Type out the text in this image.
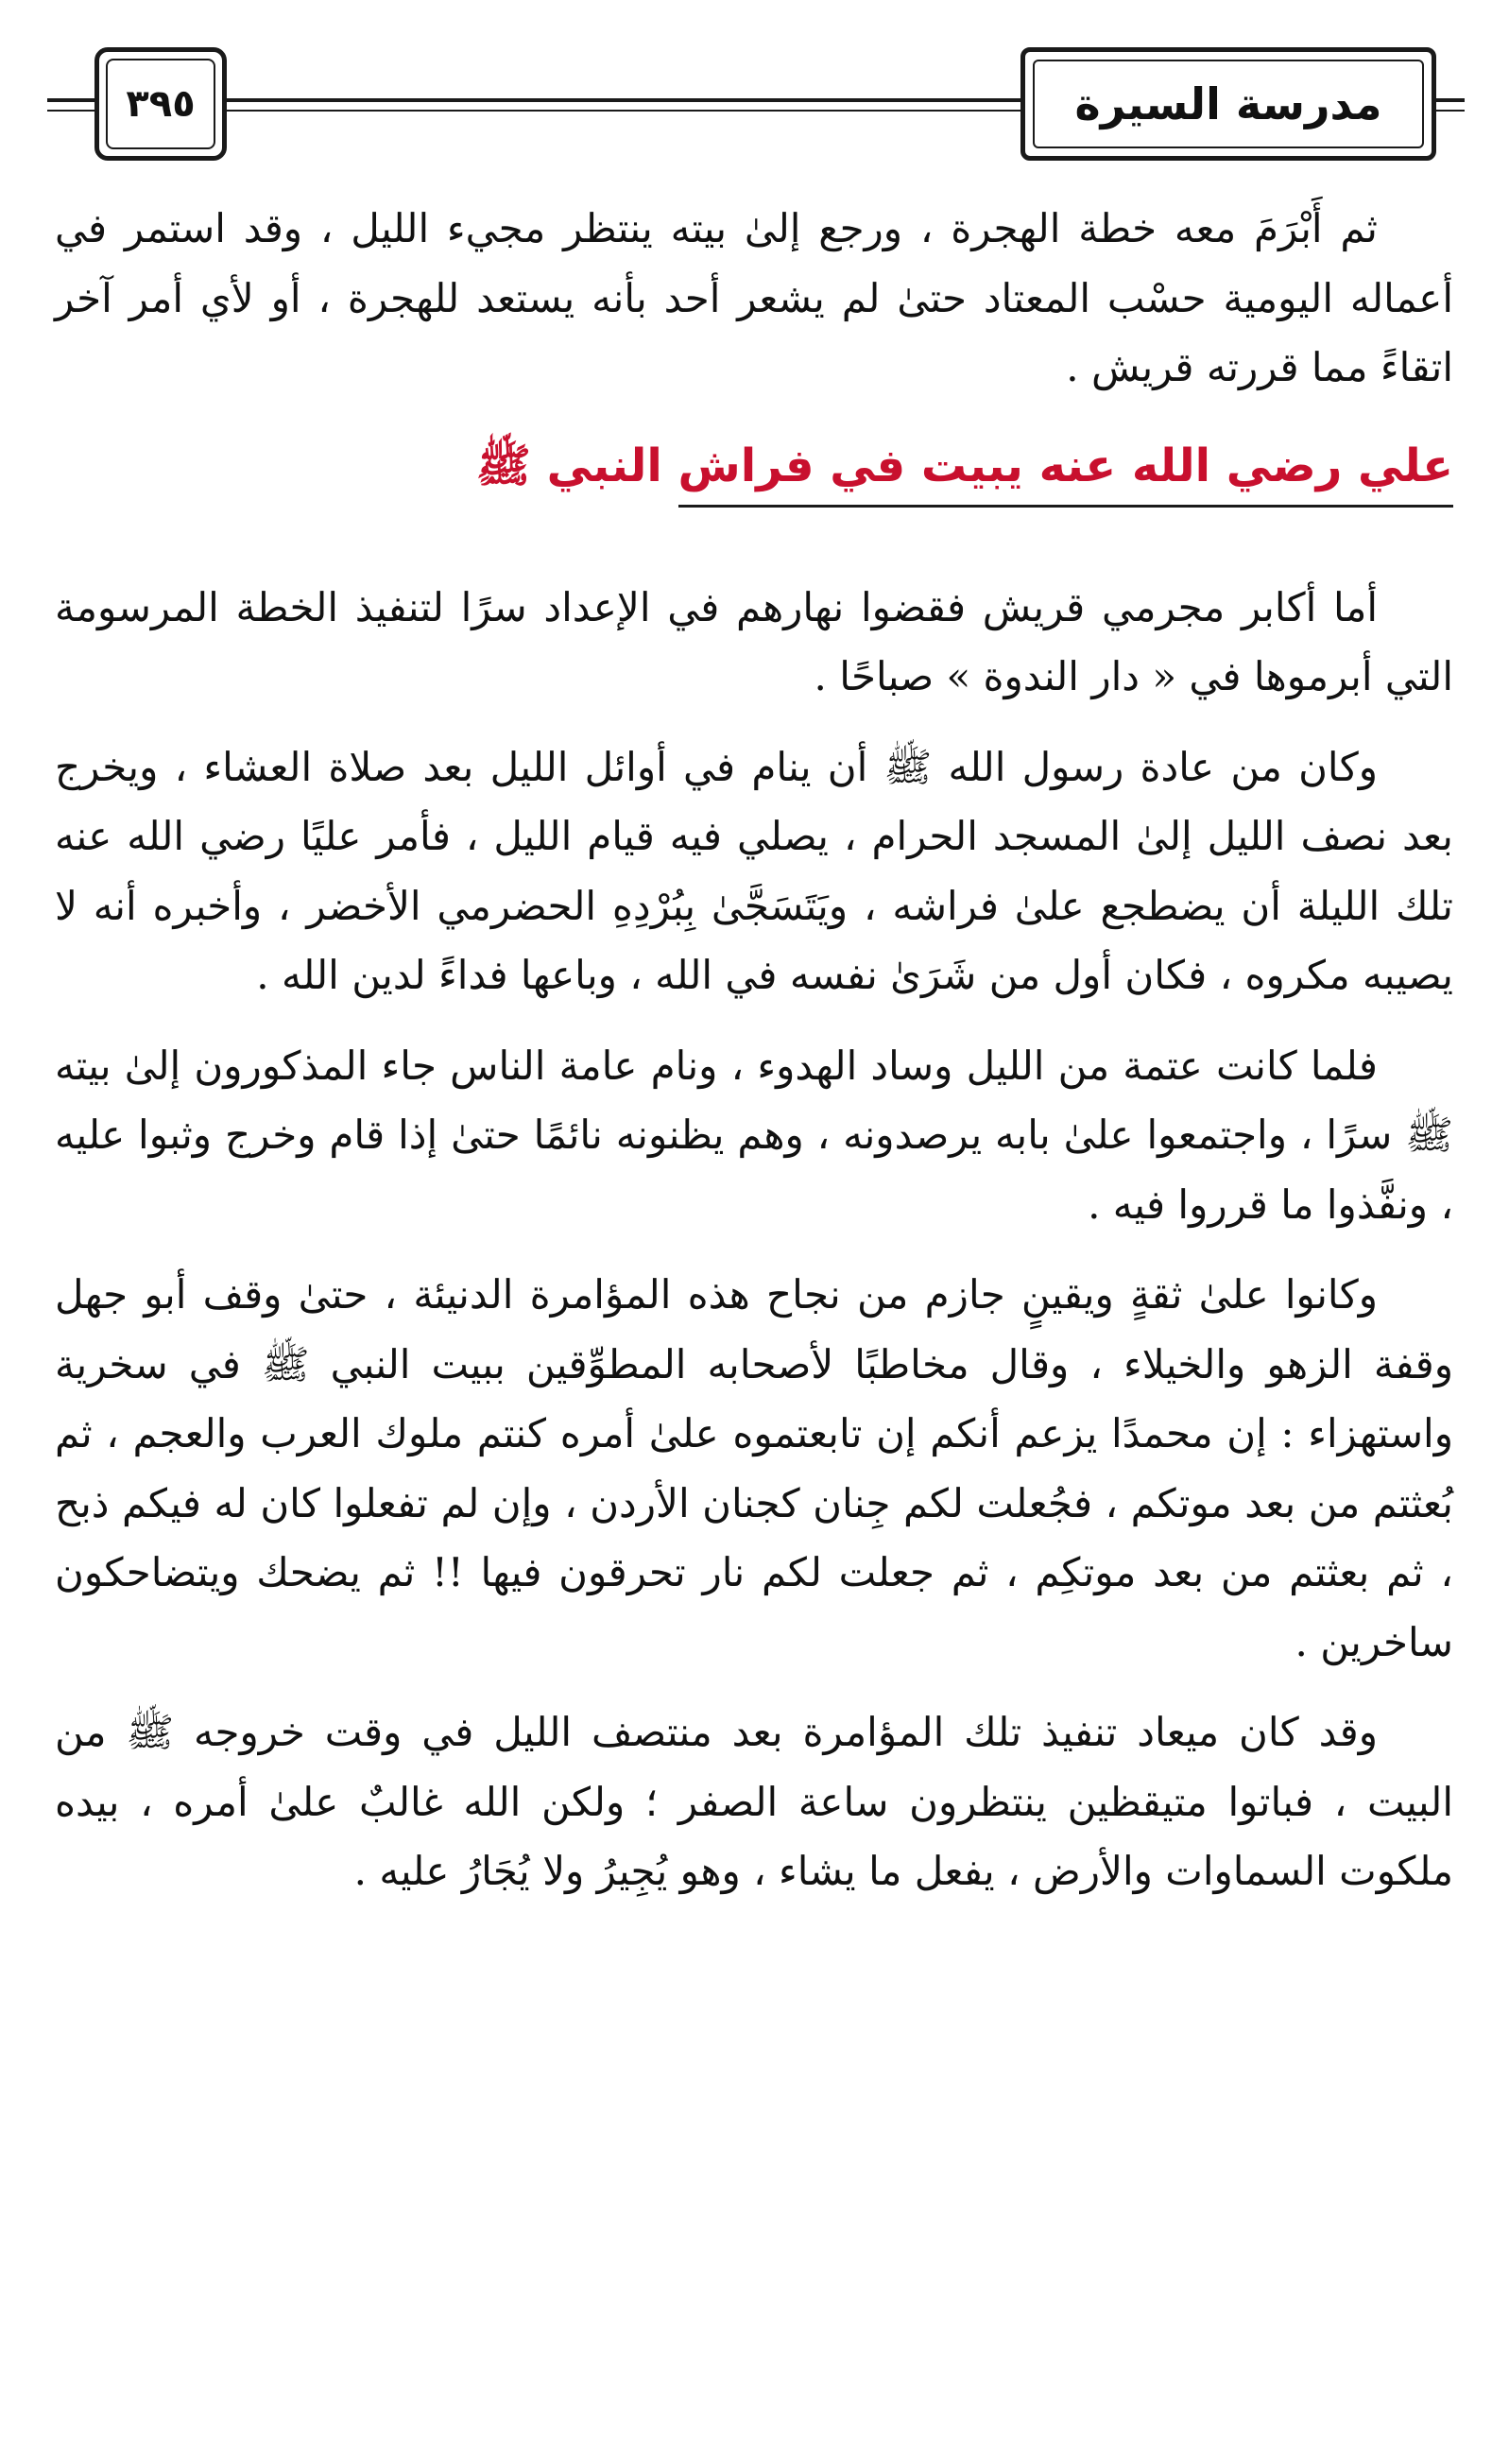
٣٩٥	مدرسة السيرة

ثم أَبْرَمَ معه خطة الهجرة ، ورجع إلىٰ بيته ينتظر مجيء الليل ، وقد استمر في أعماله اليومية حسْب المعتاد حتىٰ لم يشعر أحد بأنه يستعد للهجرة ، أو لأي أمر آخر اتقاءً مما قررته قريش .

علي رضي الله عنه يبيت في فراش النبي ﷺ

أما أكابر مجرمي قريش فقضوا نهارهم في الإعداد سرًا لتنفيذ الخطة المرسومة التي أبرموها في « دار الندوة » صباحًا .

وكان من عادة رسول الله ﷺ أن ينام في أوائل الليل بعد صلاة العشاء ، ويخرج بعد نصف الليل إلىٰ المسجد الحرام ، يصلي فيه قيام الليل ، فأمر عليًا رضي الله عنه تلك الليلة أن يضطجع علىٰ فراشه ، ويَتَسَجَّىٰ بِبُرْدِهِ الحضرمي الأخضر ، وأخبره أنه لا يصيبه مكروه ، فكان أول من شَرَىٰ نفسه في الله ، وباعها فداءً لدين الله .

فلما كانت عتمة من الليل وساد الهدوء ، ونام عامة الناس جاء المذكورون إلىٰ بيته ﷺ سرًا ، واجتمعوا علىٰ بابه يرصدونه ، وهم يظنونه نائمًا حتىٰ إذا قام وخرج وثبوا عليه ، ونفَّذوا ما قرروا فيه .

وكانوا علىٰ ثقةٍ ويقينٍ جازم من نجاح هذه المؤامرة الدنيئة ، حتىٰ وقف أبو جهل وقفة الزهو والخيلاء ، وقال مخاطبًا لأصحابه المطوِّقين ببيت النبي ﷺ في سخرية واستهزاء : إن محمدًا يزعم أنكم إن تابعتموه علىٰ أمره كنتم ملوك العرب والعجم ، ثم بُعثتم من بعد موتكم ، فجُعلت لكم جِنان كجنان الأردن ، وإن لم تفعلوا كان له فيكم ذبح ، ثم بعثتم من بعد موتكِم ، ثم جعلت لكم نار تحرقون فيها !! ثم يضحك ويتضاحكون ساخرين .

وقد كان ميعاد تنفيذ تلك المؤامرة بعد منتصف الليل في وقت خروجه ﷺ من البيت ، فباتوا متيقظين ينتظرون ساعة الصفر ؛ ولكن الله غالبٌ علىٰ أمره ، بيده ملكوت السماوات والأرض ، يفعل ما يشاء ، وهو يُجِيرُ ولا يُجَارُ عليه .
